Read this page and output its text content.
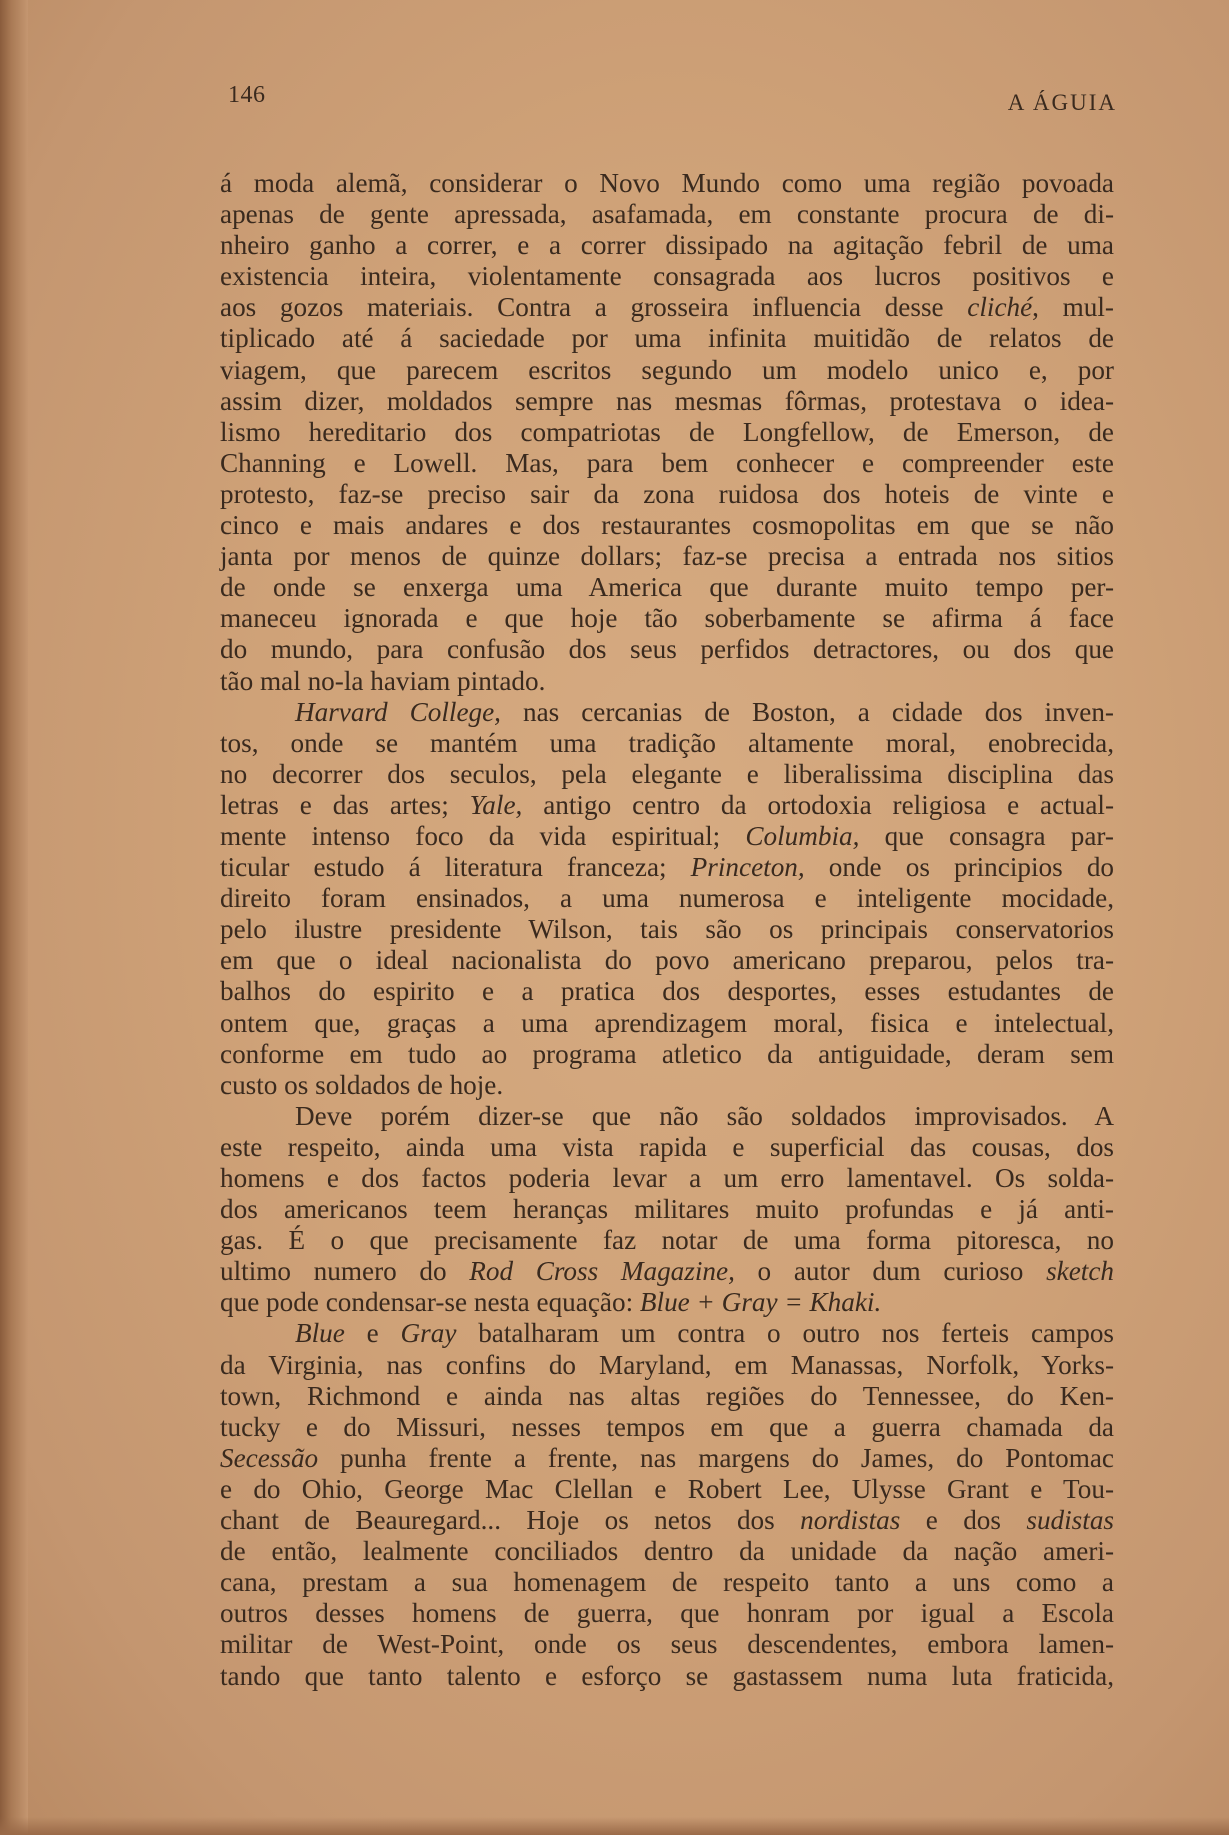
146	A ÁGUIA
á moda alemã, considerar o Novo Mundo como uma região povoada
apenas de gente apressada, asafamada, em constante procura de di-
nheiro ganho a correr, e a correr dissipado na agitação febril de uma
existencia inteira, violentamente consagrada aos lucros positivos e
aos gozos materiais. Contra a grosseira influencia desse cliché, mul-
tiplicado até á saciedade por uma infinita muitidão de relatos de
viagem, que parecem escritos segundo um modelo unico e, por
assim dizer, moldados sempre nas mesmas fôrmas, protestava o idea-
lismo hereditario dos compatriotas de Longfellow, de Emerson, de
Channing e Lowell. Mas, para bem conhecer e compreender este
protesto, faz-se preciso sair da zona ruidosa dos hoteis de vinte e
cinco e mais andares e dos restaurantes cosmopolitas em que se não
janta por menos de quinze dollars; faz-se precisa a entrada nos sitios
de onde se enxerga uma America que durante muito tempo per-
maneceu ignorada e que hoje tão soberbamente se afirma á face
do mundo, para confusão dos seus perfidos detractores, ou dos que
tão mal no-la haviam pintado.
Harvard College, nas cercanias de Boston, a cidade dos inven-
tos, onde se mantém uma tradição altamente moral, enobrecida,
no decorrer dos seculos, pela elegante e liberalissima disciplina das
letras e das artes; Yale, antigo centro da ortodoxia religiosa e actual-
mente intenso foco da vida espiritual; Columbia, que consagra par-
ticular estudo á literatura franceza; Princeton, onde os principios do
direito foram ensinados, a uma numerosa e inteligente mocidade,
pelo ilustre presidente Wilson, tais são os principais conservatorios
em que o ideal nacionalista do povo americano preparou, pelos tra-
balhos do espirito e a pratica dos desportes, esses estudantes de
ontem que, graças a uma aprendizagem moral, fisica e intelectual,
conforme em tudo ao programa atletico da antiguidade, deram sem
custo os soldados de hoje.
Deve porém dizer-se que não são soldados improvisados. A
este respeito, ainda uma vista rapida e superficial das cousas, dos
homens e dos factos poderia levar a um erro lamentavel. Os solda-
dos americanos teem heranças militares muito profundas e já anti-
gas. É o que precisamente faz notar de uma forma pitoresca, no
ultimo numero do Rod Cross Magazine, o autor dum curioso sketch
que pode condensar-se nesta equação: Blue + Gray = Khaki.
Blue e Gray batalharam um contra o outro nos ferteis campos
da Virginia, nas confins do Maryland, em Manassas, Norfolk, Yorks-
town, Richmond e ainda nas altas regiões do Tennessee, do Ken-
tucky e do Missuri, nesses tempos em que a guerra chamada da
Secessão punha frente a frente, nas margens do James, do Pontomac
e do Ohio, George Mac Clellan e Robert Lee, Ulysse Grant e Tou-
chant de Beauregard... Hoje os netos dos nordistas e dos sudistas
de então, lealmente conciliados dentro da unidade da nação ameri-
cana, prestam a sua homenagem de respeito tanto a uns como a
outros desses homens de guerra, que honram por igual a Escola
militar de West-Point, onde os seus descendentes, embora lamen-
tando que tanto talento e esforço se gastassem numa luta fraticida,
